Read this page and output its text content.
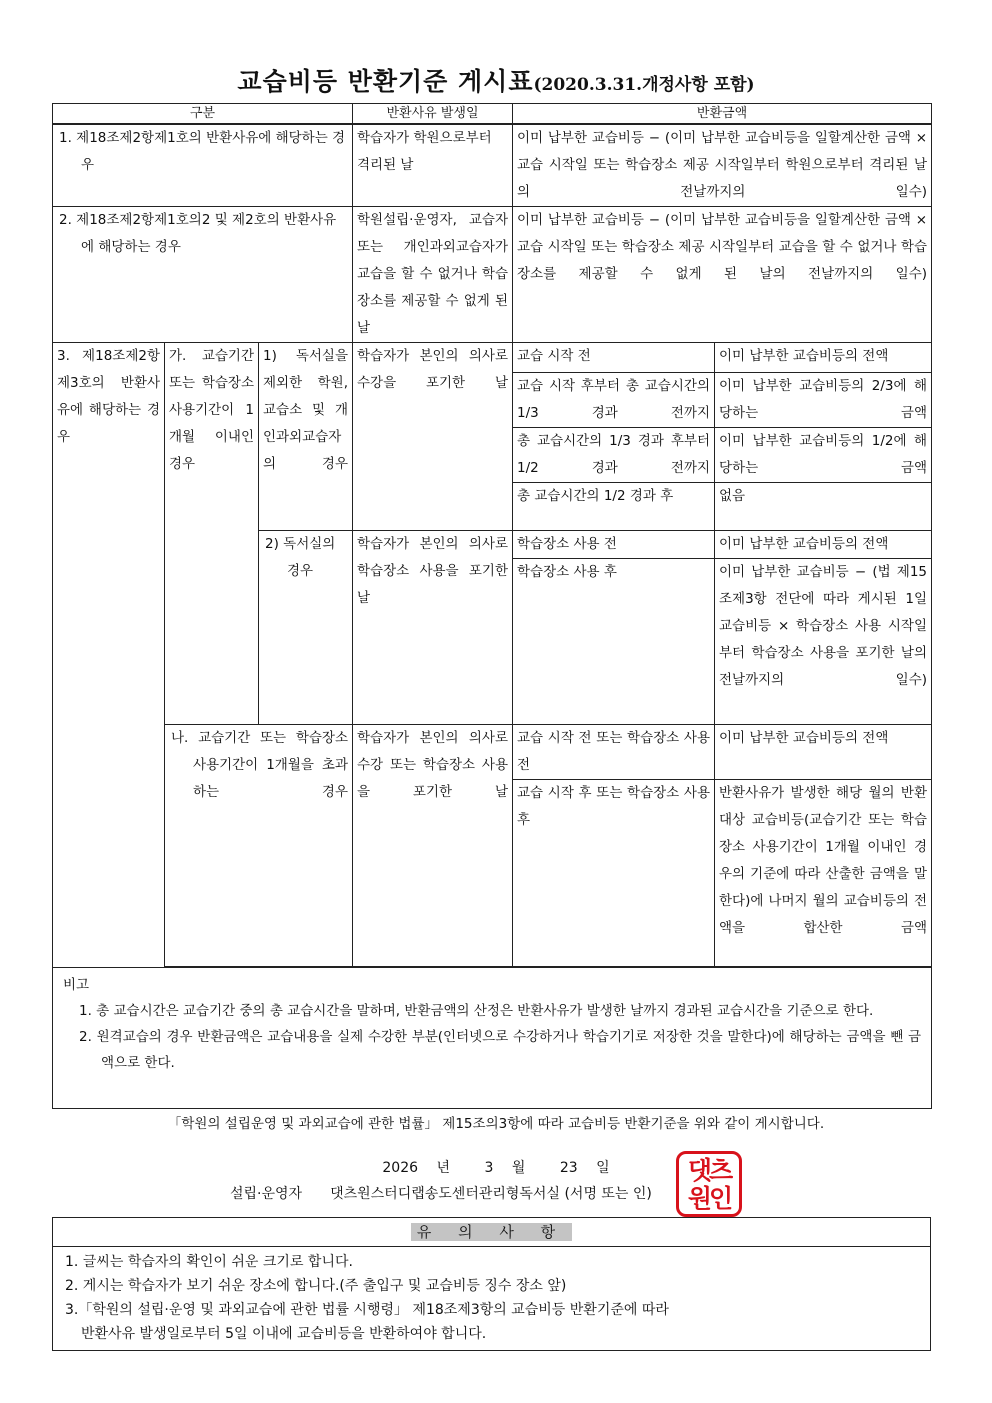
교습비등 반환기준 게시표(2020.3.31.개정사항 포함)
구분			반환사유 발생일	반환금액	
1. 제18조제2항제1호의 반환사유에 해당하는 경우			학습자가 학원으로부터 격리된 날	이미 납부한 교습비등 − (이미 납부한 교습비등을 일할계산한 금액 × 교습 시작일 또는 학습장소 제공 시작일부터 학원으로부터 격리된 날의 전날까지의 일수)	
2. 제18조제2항제1호의2 및 제2호의 반환사유에 해당하는 경우			학원설립·운영자, 교습자 또는 개인과외교습자가 교습을 할 수 없거나 학습장소를 제공할 수 없게 된 날	이미 납부한 교습비등 − (이미 납부한 교습비등을 일할계산한 금액 × 교습 시작일 또는 학습장소 제공 시작일부터 교습을 할 수 없거나 학습장소를 제공할 수 없게 된 날의 전날까지의 일수)	
3. 제18조제2항제3호의 반환사유에 해당하는 경우	가. 교습기간 또는 학습장소 사용기간이 1개월 이내인 경우	1) 독서실을 제외한 학원, 교습소 및 개인과외교습자의 경우	학습자가 본인의 의사로 수강을 포기한 날	교습 시작 전	이미 납부한 교습비등의 전액
				교습 시작 후부터 총 교습시간의 1/3 경과 전까지	이미 납부한 교습비등의 2/3에 해당하는 금액
				총 교습시간의 1/3 경과 후부터 1/2 경과 전까지	이미 납부한 교습비등의 1/2에 해당하는 금액
				총 교습시간의 1/2 경과 후	없음
		2) 독서실의 경우	학습자가 본인의 의사로 학습장소 사용을 포기한 날	학습장소 사용 전	이미 납부한 교습비등의 전액
				학습장소 사용 후	이미 납부한 교습비등 − (법 제15조제3항 전단에 따라 게시된 1일 교습비등 × 학습장소 사용 시작일부터 학습장소 사용을 포기한 날의 전날까지의 일수)
	나. 교습기간 또는 학습장소 사용기간이 1개월을 초과하는 경우		학습자가 본인의 의사로 수강 또는 학습장소 사용을 포기한 날	교습 시작 전 또는 학습장소 사용 전	이미 납부한 교습비등의 전액
				교습 시작 후 또는 학습장소 사용 후	반환사유가 발생한 해당 월의 반환 대상 교습비등(교습기간 또는 학습장소 사용기간이 1개월 이내인 경우의 기준에 따라 산출한 금액을 말한다)에 나머지 월의 교습비등의 전액을 합산한 금액

비고
1. 총 교습시간은 교습기간 중의 총 교습시간을 말하며, 반환금액의 산정은 반환사유가 발생한 날까지 경과된 교습시간을 기준으로 한다.
2. 원격교습의 경우 반환금액은 교습내용을 실제 수강한 부분(인터넷으로 수강하거나 학습기기로 저장한 것을 말한다)에 해당하는 금액을 뺀 금액으로 한다.					
「학원의 설립운영 및 과외교습에 관한 법률」 제15조의3항에 따라 교습비등 반환기준을 위와 같이 게시합니다.
2026 년 3 월 23 일
설립·운영자 댓츠원스터디랩송도센터관리형독서실 (서명 또는 인)
댓츠
원인
유 의 사 항
1. 글씨는 학습자의 확인이 쉬운 크기로 합니다.
2. 게시는 학습자가 보기 쉬운 장소에 합니다.(주 출입구 및 교습비등 징수 장소 앞)
3.「학원의 설립·운영 및 과외교습에 관한 법률 시행령」 제18조제3항의 교습비등 반환기준에 따라
반환사유 발생일로부터 5일 이내에 교습비등을 반환하여야 합니다.
